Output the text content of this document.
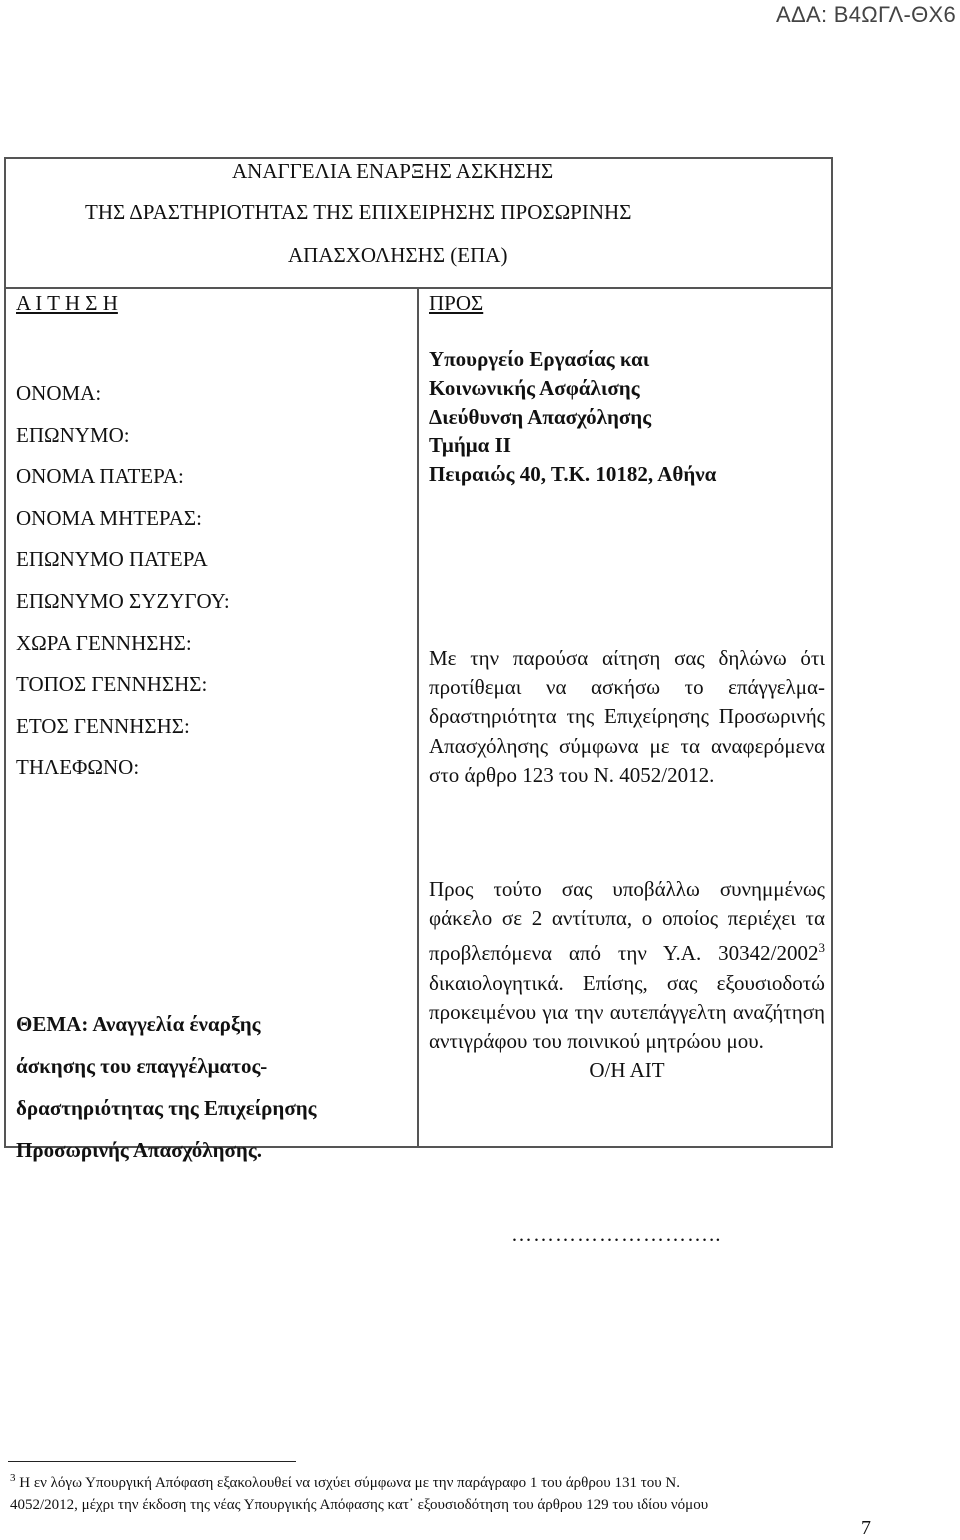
ΑΔΑ: Β4ΩΓΛ-ΘΧ6
ΑΝΑΓΓΕΛΙΑ ΕΝΑΡΞΗΣ ΑΣΚΗΣΗΣ
ΤΗΣ ΔΡΑΣΤΗΡΙΟΤΗΤΑΣ ΤΗΣ ΕΠΙΧΕΙΡΗΣΗΣ ΠΡΟΣΩΡΙΝΗΣ
ΑΠΑΣΧΟΛΗΣΗΣ (ΕΠΑ)
Α Ι Τ Η Σ Η
ΟΝΟΜΑ:
ΕΠΩΝΥΜΟ:
ΟΝΟΜΑ ΠΑΤΕΡΑ:
ΟΝΟΜΑ ΜΗΤΕΡΑΣ:
ΕΠΩΝΥΜΟ ΠΑΤΕΡΑ
ΕΠΩΝΥΜΟ ΣΥΖΥΓΟΥ:
ΧΩΡΑ ΓΕΝΝΗΣΗΣ:
ΤΟΠΟΣ ΓΕΝΝΗΣΗΣ:
ΕΤΟΣ ΓΕΝΝΗΣΗΣ:
ΤΗΛΕΦΩΝΟ:
ΘΕΜΑ: Αναγγελία έναρξης
άσκησης του επαγγέλματος-
δραστηριότητας της Επιχείρησης
Προσωρινής Απασχόλησης.
ΠΡΟΣ
Υπουργείο Εργασίας και
Κοινωνικής Ασφάλισης
Διεύθυνση Απασχόλησης
Τμήμα ΙΙ
Πειραιώς 40, Τ.Κ. 10182, Αθήνα
Με την παρούσα αίτηση σας δηλώνω ότι προτίθεμαι να ασκήσω το επάγγελμα-δραστηριότητα της Επιχείρησης Προσωρινής Απασχόλησης σύμφωνα με τα αναφερόμενα στο άρθρο 123 του Ν. 4052/2012.
Προς τούτο σας υποβάλλω συνημμένως φάκελο σε 2 αντίτυπα, ο οποίος περιέχει τα προβλεπόμενα από την Υ.Α. 30342/2002$^3$ δικαιολογητικά. Επίσης, σας εξουσιοδοτώ προκειμένου για την αυτεπάγγελτη αναζήτηση αντιγράφου του ποινικού μητρώου μου.
Ο/Η ΑΙΤ
………………………..
$^3$ Η εν λόγω Υπουργική Απόφαση εξακολουθεί να ισχύει σύμφωνα με την παράγραφο 1 του άρθρου 131 του Ν.
4052/2012, μέχρι την έκδοση της νέας Υπουργικής Απόφασης κατ᾽ εξουσιοδότηση του άρθρου 129 του ιδίου νόμου
7
